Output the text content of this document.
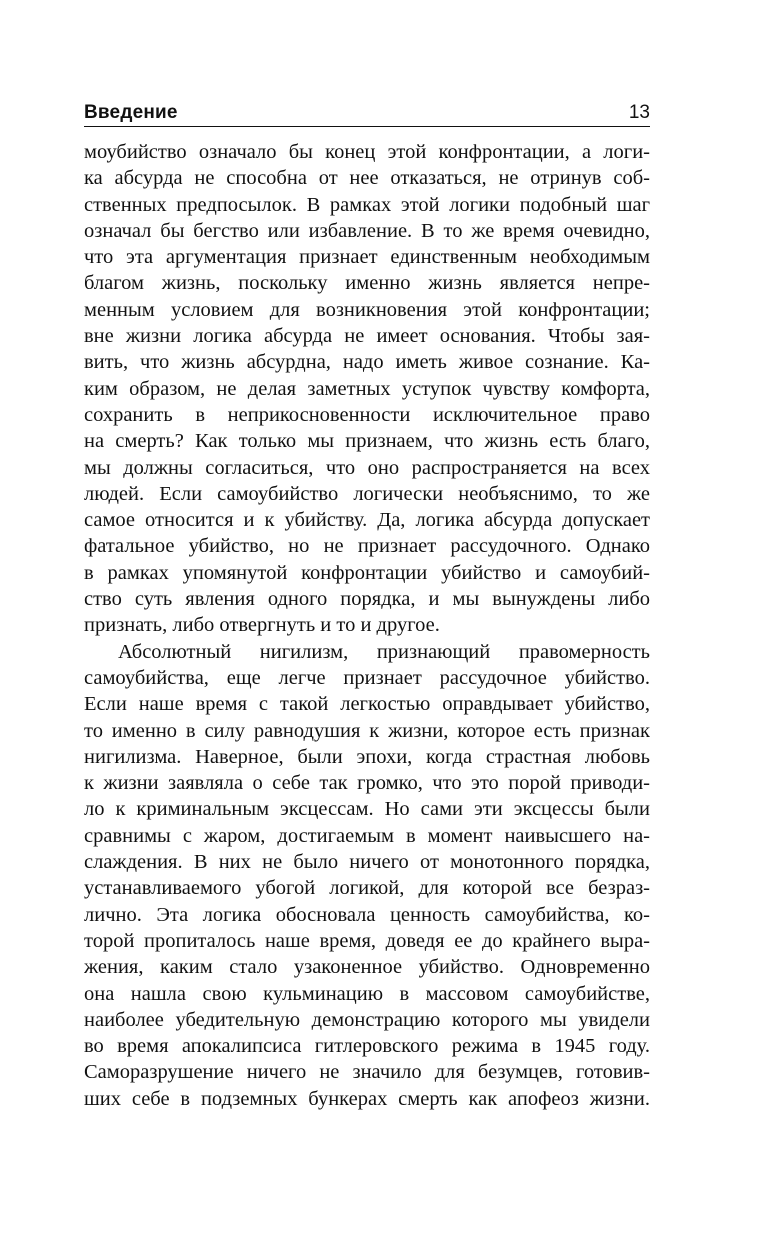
Введение	13
моубийство означало бы конец этой конфронтации, а логи-
ка абсурда не способна от нее отказаться, не отринув соб-
ственных предпосылок. В рамках этой логики подобный шаг
означал бы бегство или избавление. В то же время очевидно,
что эта аргументация признает единственным необходимым
благом жизнь, поскольку именно жизнь является непре-
менным условием для возникновения этой конфронтации;
вне жизни логика абсурда не имеет основания. Чтобы зая-
вить, что жизнь абсурдна, надо иметь живое сознание. Ка-
ким образом, не делая заметных уступок чувству комфорта,
сохранить в неприкосновенности исключительное право
на смерть? Как только мы признаем, что жизнь есть благо,
мы должны согласиться, что оно распространяется на всех
людей. Если самоубийство логически необъяснимо, то же
самое относится и к убийству. Да, логика абсурда допускает
фатальное убийство, но не признает рассудочного. Однако
в рамках упомянутой конфронтации убийство и самоубий-
ство суть явления одного порядка, и мы вынуждены либо
признать, либо отвергнуть и то и другое.
Абсолютный нигилизм, признающий правомерность
самоубийства, еще легче признает рассудочное убийство.
Если наше время с такой легкостью оправдывает убийство,
то именно в силу равнодушия к жизни, которое есть признак
нигилизма. Наверное, были эпохи, когда страстная любовь
к жизни заявляла о себе так громко, что это порой приводи-
ло к криминальным эксцессам. Но сами эти эксцессы были
сравнимы с жаром, достигаемым в момент наивысшего на-
слаждения. В них не было ничего от монотонного порядка,
устанавливаемого убогой логикой, для которой все безраз-
лично. Эта логика обосновала ценность самоубийства, ко-
торой пропиталось наше время, доведя ее до крайнего выра-
жения, каким стало узаконенное убийство. Одновременно
она нашла свою кульминацию в массовом самоубийстве,
наиболее убедительную демонстрацию которого мы увидели
во время апокалипсиса гитлеровского режима в 1945 году.
Саморазрушение ничего не значило для безумцев, готовив-
ших себе в подземных бункерах смерть как апофеоз жизни.
